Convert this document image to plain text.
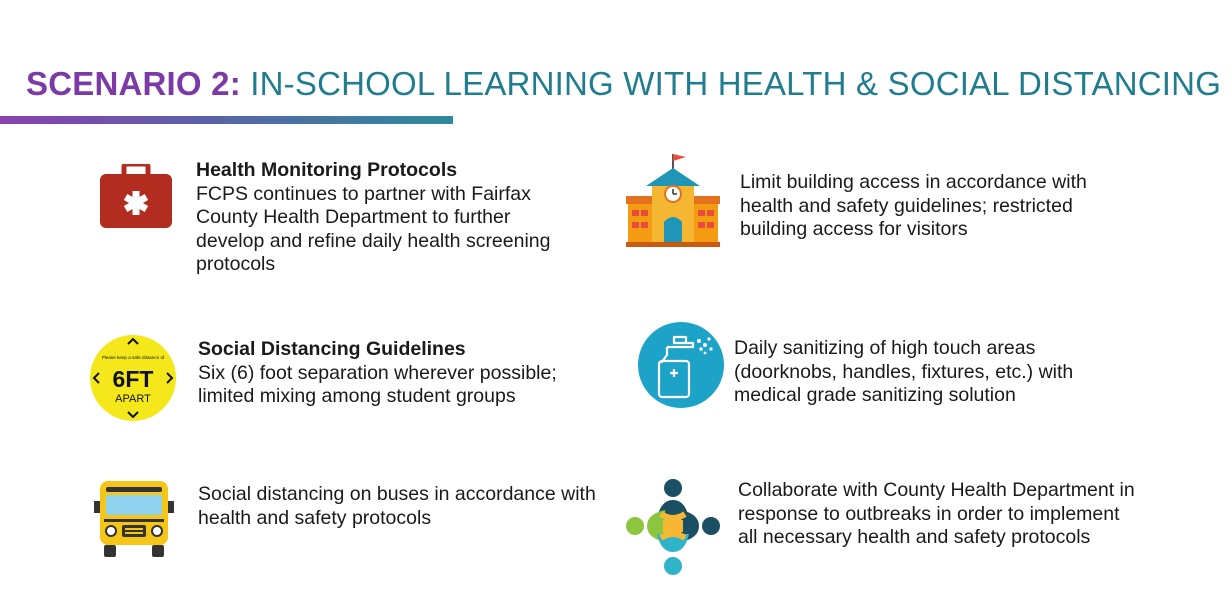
SCENARIO 2: IN-SCHOOL LEARNING WITH HEALTH & SOCIAL DISTANCING
Health Monitoring Protocols
FCPS continues to partner with Fairfax County Health Department to further develop and refine daily health screening protocols
Limit building access in accordance with health and safety guidelines; restricted building access for visitors
Please keep a safe distance of
6FT
APART
Social Distancing Guidelines
Six (6) foot separation wherever possible; limited mixing among student groups
Daily sanitizing of high touch areas (doorknobs, handles, fixtures, etc.) with medical grade sanitizing solution
Social distancing on buses in accordance with health and safety protocols
Collaborate with County Health Department in response to outbreaks in order to implement all necessary health and safety protocols
